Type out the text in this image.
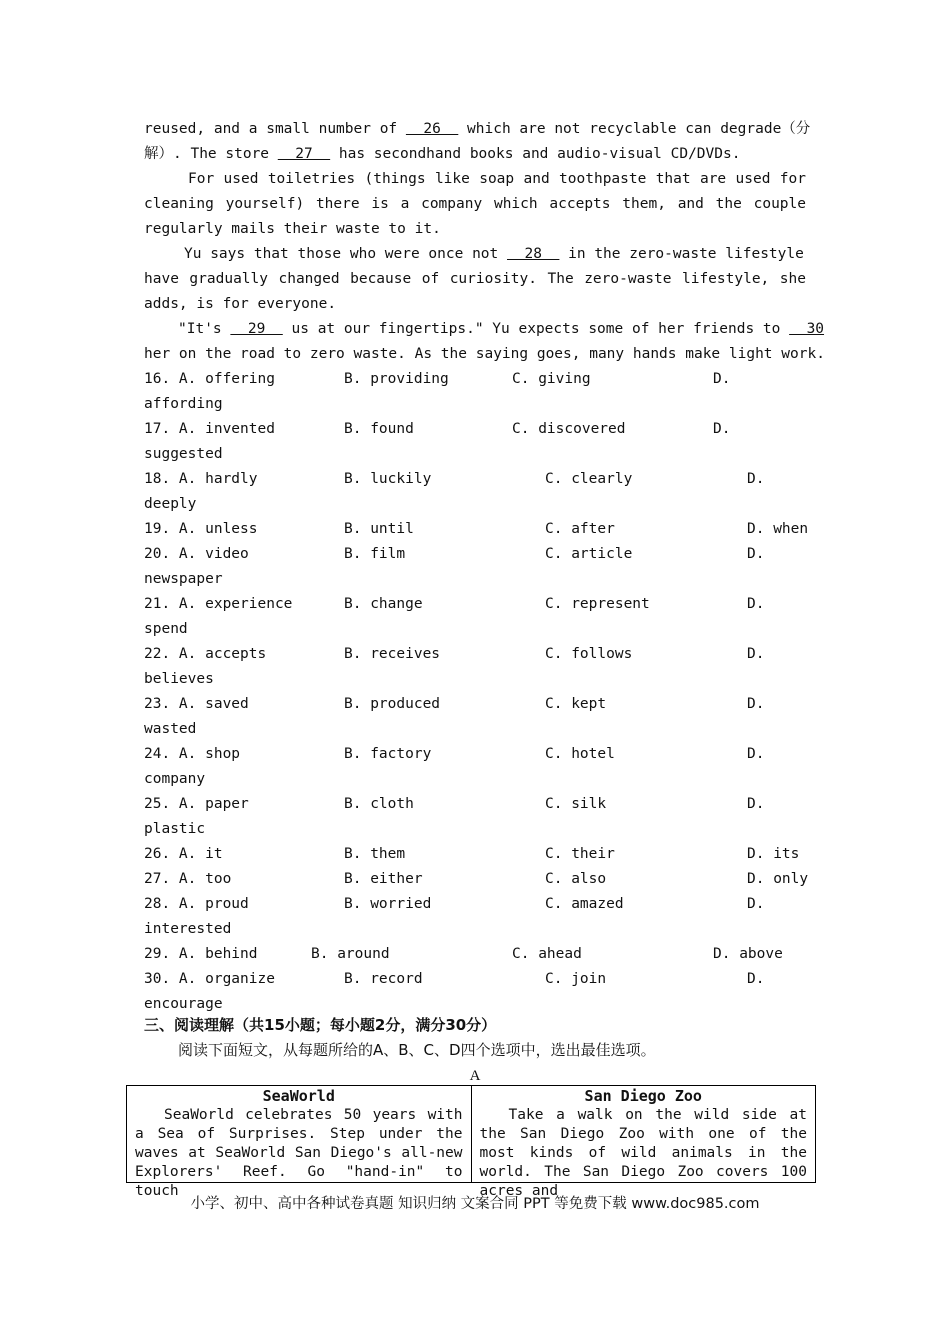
reused, and a small number of   26   which are not recyclable can degrade（分
解）. The store   27   has secondhand books and audio-visual CD/DVDs.
For used toiletries (things like soap and toothpaste that are used for
cleaning yourself) there is a company which accepts them, and the couple
regularly mails their waste to it.
Yu says that those who were once not   28   in the zero-waste lifestyle
have gradually changed because of curiosity. The zero-waste lifestyle, she
adds, is for everyone.
"It's   29   us at our fingertips." Yu expects some of her friends to   30
her on the road to zero waste. As the saying goes, many hands make light work.
16. A. offering	B. providing	C. giving	D.
affording
17. A. invented	B. found	C. discovered	D.
suggested
18. A. hardly	B. luckily	C. clearly	D.
deeply
19. A. unless	B. until	C. after	D. when
20. A. video	B. film	C. article	D.
newspaper
21. A. experience	B. change	C. represent	D.
spend
22. A. accepts	B. receives	C. follows	D.
believes
23. A. saved	B. produced	C. kept	D.
wasted
24. A. shop	B. factory	C. hotel	D.
company
25. A. paper	B. cloth	C. silk	D.
plastic
26. A. it	B. them	C. their	D. its
27. A. too	B. either	C. also	D. only
28. A. proud	B. worried	C. amazed	D.
interested
29. A. behind	B. around	C. ahead	D. above
30. A. organize	B. record	C. join	D.
encourage
三、阅读理解（共15小题；每小题2分，满分30分）
阅读下面短文，从每题所给的A、B、C、D四个选项中，选出最佳选项。
A
SeaWorld

SeaWorld celebrates 50 years with a Sea of Surprises. Step under the waves at SeaWorld San Diego's all-new Explorers' Reef. Go "hand-in" to touch

San Diego Zoo

Take a walk on the wild side at the San Diego Zoo with one of the most kinds of wild animals in the world. The San Diego Zoo covers 100 acres and

小学、初中、高中各种试卷真题 知识归纳 文案合同 PPT 等免费下载 www.doc985.com
